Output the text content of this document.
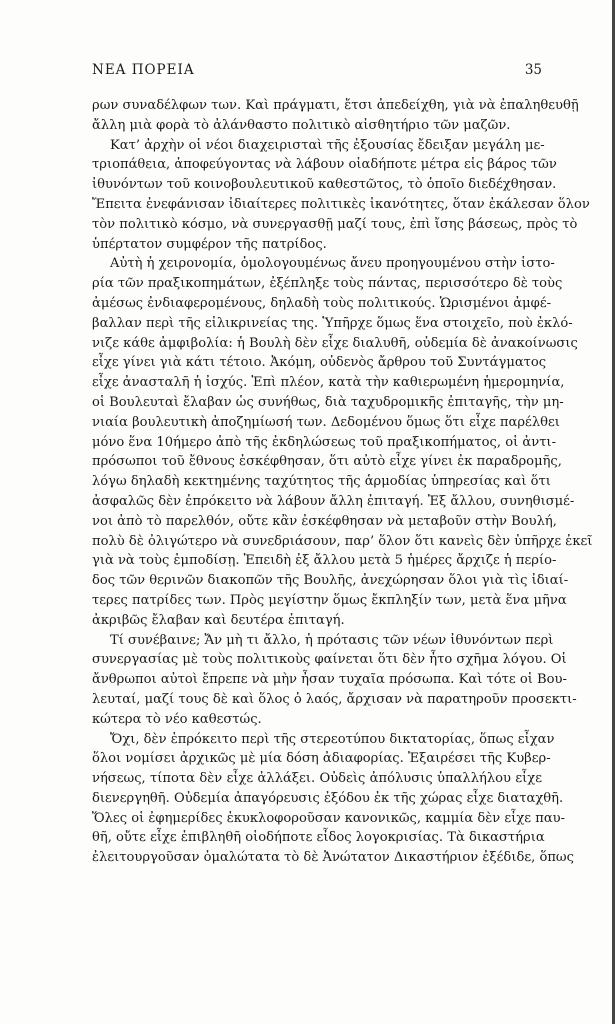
ΝΕΑ ΠΟΡΕΙΑ	35
ρων συναδέλφων των. Καὶ πράγματι, ἔτσι ἀπεδείχθη, γιὰ νὰ ἐπαληθευθῇ
ἄλλη μιὰ φορὰ τὸ ἀλάνθαστο πολιτικὸ αἰσθητήριο τῶν μαζῶν.
Κατ’ ἀρχὴν οἱ νέοι διαχειρισταὶ τῆς ἐξουσίας ἔδειξαν μεγάλη με-
τριοπάθεια, ἀποφεύγοντας νὰ λάβουν οἱαδήποτε μέτρα εἰς βάρος τῶν
ἰθυνόντων τοῦ κοινοβουλευτικοῦ καθεστῶτος, τὸ ὁποῖο διεδέχθησαν.
Ἔπειτα ἐνεφάνισαν ἰδιαίτερες πολιτικὲς ἱκανότητες, ὅταν ἐκάλεσαν ὅλον
τὸν πολιτικὸ κόσμο, νὰ συνεργασθῇ μαζί τους, ἐπὶ ἴσης βάσεως, πρὸς τὸ
ὑπέρτατον συμφέρον τῆς πατρίδος.
Αὐτὴ ἡ χειρονομία, ὁμολογουμένως ἄνευ προηγουμένου στὴν ἱστο-
ρία τῶν πραξικοπημάτων, ἐξέπληξε τοὺς πάντας, περισσότερο δὲ τοὺς
ἀμέσως ἐνδιαφερομένους, δηλαδὴ τοὺς πολιτικούς. Ὡρισμένοι ἀμφέ-
βαλλαν περὶ τῆς εἰλικρινείας της. Ὑπῆρχε ὅμως ἕνα στοιχεῖο, ποὺ ἐκλό-
νιζε κάθε ἀμφιβολία: ἡ Βουλὴ δὲν εἶχε διαλυθῆ, οὐδεμία δὲ ἀνακοίνωσις
εἶχε γίνει γιὰ κάτι τέτοιο. Ἀκόμη, οὐδενὸς ἄρθρου τοῦ Συντάγματος
εἶχε ἀνασταλῆ ἡ ἰσχύς. Ἐπὶ πλέον, κατὰ τὴν καθιερωμένη ἡμερομηνία,
οἱ Βουλευταὶ ἔλαβαν ὡς συνήθως, διὰ ταχυδρομικῆς ἐπιταγῆς, τὴν μη-
νιαία βουλευτικὴ ἀποζημίωσή των. Δεδομένου ὅμως ὅτι εἶχε παρέλθει
μόνο ἕνα 10ήμερο ἀπὸ τῆς ἐκδηλώσεως τοῦ πραξικοπήματος, οἱ ἀντι-
πρόσωποι τοῦ ἔθνους ἐσκέφθησαν, ὅτι αὐτὸ εἶχε γίνει ἐκ παραδρομῆς,
λόγω δηλαδὴ κεκτημένης ταχύτητος τῆς ἁρμοδίας ὑπηρεσίας καὶ ὅτι
ἀσφαλῶς δὲν ἐπρόκειτο νὰ λάβουν ἄλλη ἐπιταγή. Ἐξ ἄλλου, συνηθισμέ-
νοι ἀπὸ τὸ παρελθόν, οὔτε κἂν ἐσκέφθησαν νὰ μεταβοῦν στὴν Βουλή,
πολὺ δὲ ὀλιγώτερο νὰ συνεδριάσουν, παρ’ ὅλον ὅτι κανεὶς δὲν ὑπῆρχε ἐκεῖ
γιὰ νὰ τοὺς ἐμποδίσῃ. Ἐπειδὴ ἐξ ἄλλου μετὰ 5 ἡμέρες ἄρχιζε ἡ περίο-
δος τῶν θερινῶν διακοπῶν τῆς Βουλῆς, ἀνεχώρησαν ὅλοι γιὰ τὶς ἰδιαί-
τερες πατρίδες των. Πρὸς μεγίστην ὅμως ἔκπληξίν των, μετὰ ἕνα μῆνα
ἀκριβῶς ἔλαβαν καὶ δευτέρα ἐπιταγή.
Τί συνέβαινε; Ἄν μὴ τι ἄλλο, ἡ πρότασις τῶν νέων ἰθυνόντων περὶ
συνεργασίας μὲ τοὺς πολιτικοὺς φαίνεται ὅτι δὲν ἦτο σχῆμα λόγου. Οἱ
ἄνθρωποι αὐτοὶ ἔπρεπε νὰ μὴν ἦσαν τυχαῖα πρόσωπα. Καὶ τότε οἱ Βου-
λευταί, μαζί τους δὲ καὶ ὅλος ὁ λαός, ἄρχισαν νὰ παρατηροῦν προσεκτι-
κώτερα τὸ νέο καθεστώς.
Ὄχι, δὲν ἐπρόκειτο περὶ τῆς στερεοτύπου δικτατορίας, ὅπως εἶχαν
ὅλοι νομίσει ἀρχικῶς μὲ μία δόση ἀδιαφορίας. Ἐξαιρέσει τῆς Κυβερ-
νήσεως, τίποτα δὲν εἶχε ἀλλάξει. Οὐδεὶς ἀπόλυσις ὑπαλλήλου εἶχε
διενεργηθῆ. Οὐδεμία ἀπαγόρευσις ἐξόδου ἐκ τῆς χώρας εἶχε διαταχθῆ.
Ὅλες οἱ ἐφημερίδες ἐκυκλοφοροῦσαν κανονικῶς, καμμία δὲν εἶχε παυ-
θῆ, οὔτε εἶχε ἐπιβληθῆ οἱοδήποτε εἶδος λογοκρισίας. Τὰ δικαστήρια
ἐλειτουργοῦσαν ὁμαλώτατα τὸ δὲ Ἀνώτατον Δικαστήριον ἐξέδιδε, ὅπως
